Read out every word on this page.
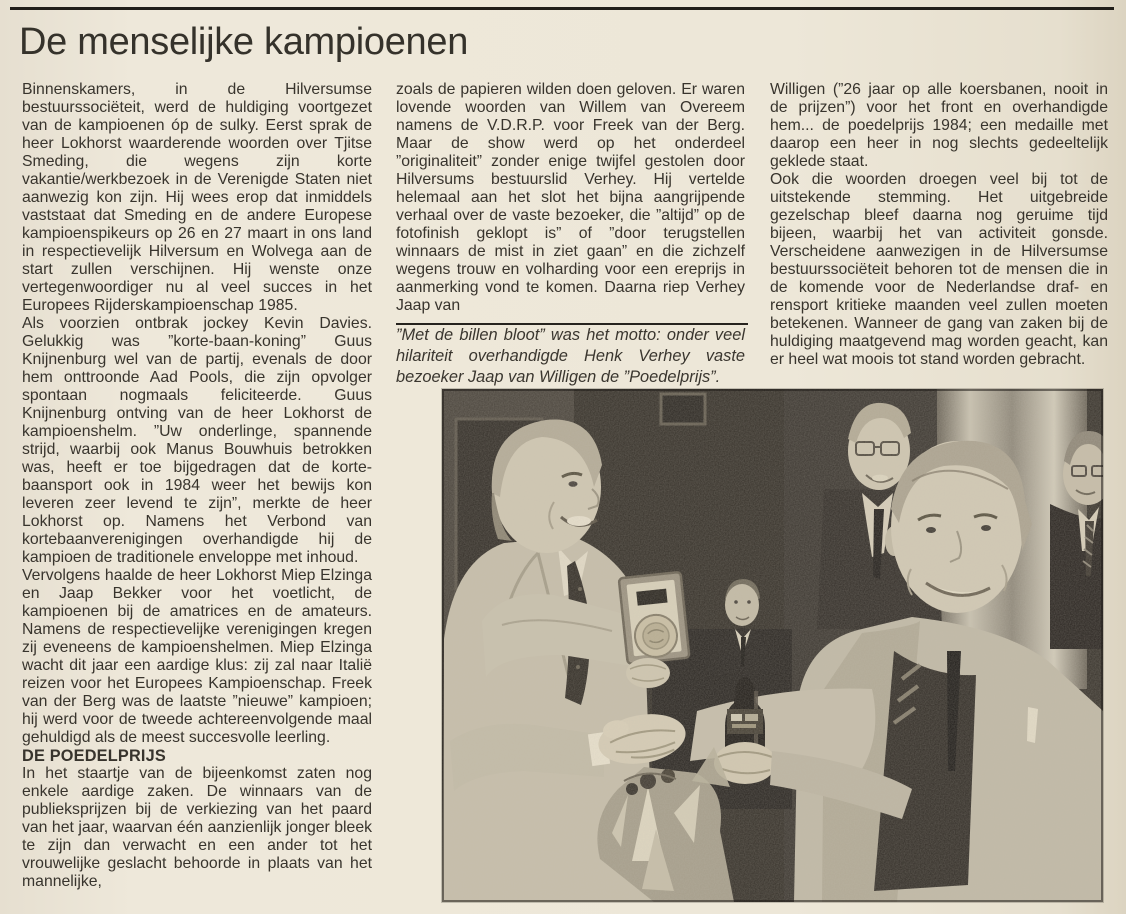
De menselijke kampioenen

Binnenskamers, in de Hilversumse bestuurssociëteit, werd de huldiging voortgezet van de kampioenen óp de sulky. Eerst sprak de heer Lokhorst waarderende woorden over Tjitse Smeding, die wegens zijn korte vakantie/werkbezoek in de Verenigde Staten niet aanwezig kon zijn. Hij wees erop dat inmiddels vaststaat dat Smeding en de andere Europese kampioenspikeurs op 26 en 27 maart in ons land in respectievelijk Hilversum en Wolvega aan de start zullen verschijnen. Hij wenste onze vertegenwoordiger nu al veel succes in het Europees Rijderskampioenschap 1985.

Als voorzien ontbrak jockey Kevin Davies. Gelukkig was ”korte-baan-koning” Guus Knijnenburg wel van de partij, evenals de door hem onttroonde Aad Pools, die zijn opvolger spontaan nogmaals feliciteerde. Guus Knijnenburg ontving van de heer Lokhorst de kampioenshelm. ”Uw onderlinge, spannende strijd, waarbij ook Manus Bouwhuis betrokken was, heeft er toe bijgedragen dat de korte-baansport ook in 1984 weer het bewijs kon leveren zeer levend te zijn”, merkte de heer Lokhorst op. Namens het Verbond van kortebaanverenigingen overhandigde hij de kampioen de traditionele enveloppe met inhoud.

Vervolgens haalde de heer Lokhorst Miep Elzinga en Jaap Bekker voor het voetlicht, de kampioenen bij de amatrices en de amateurs. Namens de respectievelijke verenigingen kregen zij eveneens de kampioenshelmen. Miep Elzinga wacht dit jaar een aardige klus: zij zal naar Italië reizen voor het Europees Kampioenschap. Freek van der Berg was de laatste ”nieuwe” kampioen; hij werd voor de tweede achtereenvolgende maal gehuldigd als de meest succesvolle leerling.

DE POEDELPRIJS

In het staartje van de bijeenkomst zaten nog enkele aardige zaken. De winnaars van de publieksprijzen bij de verkiezing van het paard van het jaar, waarvan één aanzienlijk jonger bleek te zijn dan verwacht en een ander tot het vrouwelijke geslacht behoorde in plaats van het mannelijke,

zoals de papieren wilden doen geloven. Er waren lovende woorden van Willem van Overeem namens de V.D.R.P. voor Freek van der Berg. Maar de show werd op het onderdeel ”originaliteit” zonder enige twijfel gestolen door Hilversums bestuurslid Verhey. Hij vertelde helemaal aan het slot het bijna aangrijpende verhaal over de vaste bezoeker, die ”altijd” op de fotofinish geklopt is” of ”door terugstellen winnaars de mist in ziet gaan” en die zichzelf wegens trouw en volharding voor een ereprijs in aanmerking vond te komen. Daarna riep Verhey Jaap van

”Met de billen bloot” was het motto: onder veel hilariteit overhandigde Henk Verhey vaste bezoeker Jaap van Willigen de ”Poedelprijs”.

Willigen (”26 jaar op alle koersbanen, nooit in de prijzen”) voor het front en overhandigde hem... de poedelprijs 1984; een medaille met daarop een heer in nog slechts gedeeltelijk geklede staat.

Ook die woorden droegen veel bij tot de uitstekende stemming. Het uitgebreide gezelschap bleef daarna nog geruime tijd bijeen, waarbij het van activiteit gonsde. Verscheidene aanwezigen in de Hilversumse bestuurssociëteit behoren tot de mensen die in de komende voor de Nederlandse draf- en rensport kritieke maanden veel zullen moeten betekenen. Wanneer de gang van zaken bij de huldiging maatgevend mag worden geacht, kan er heel wat moois tot stand worden gebracht.
